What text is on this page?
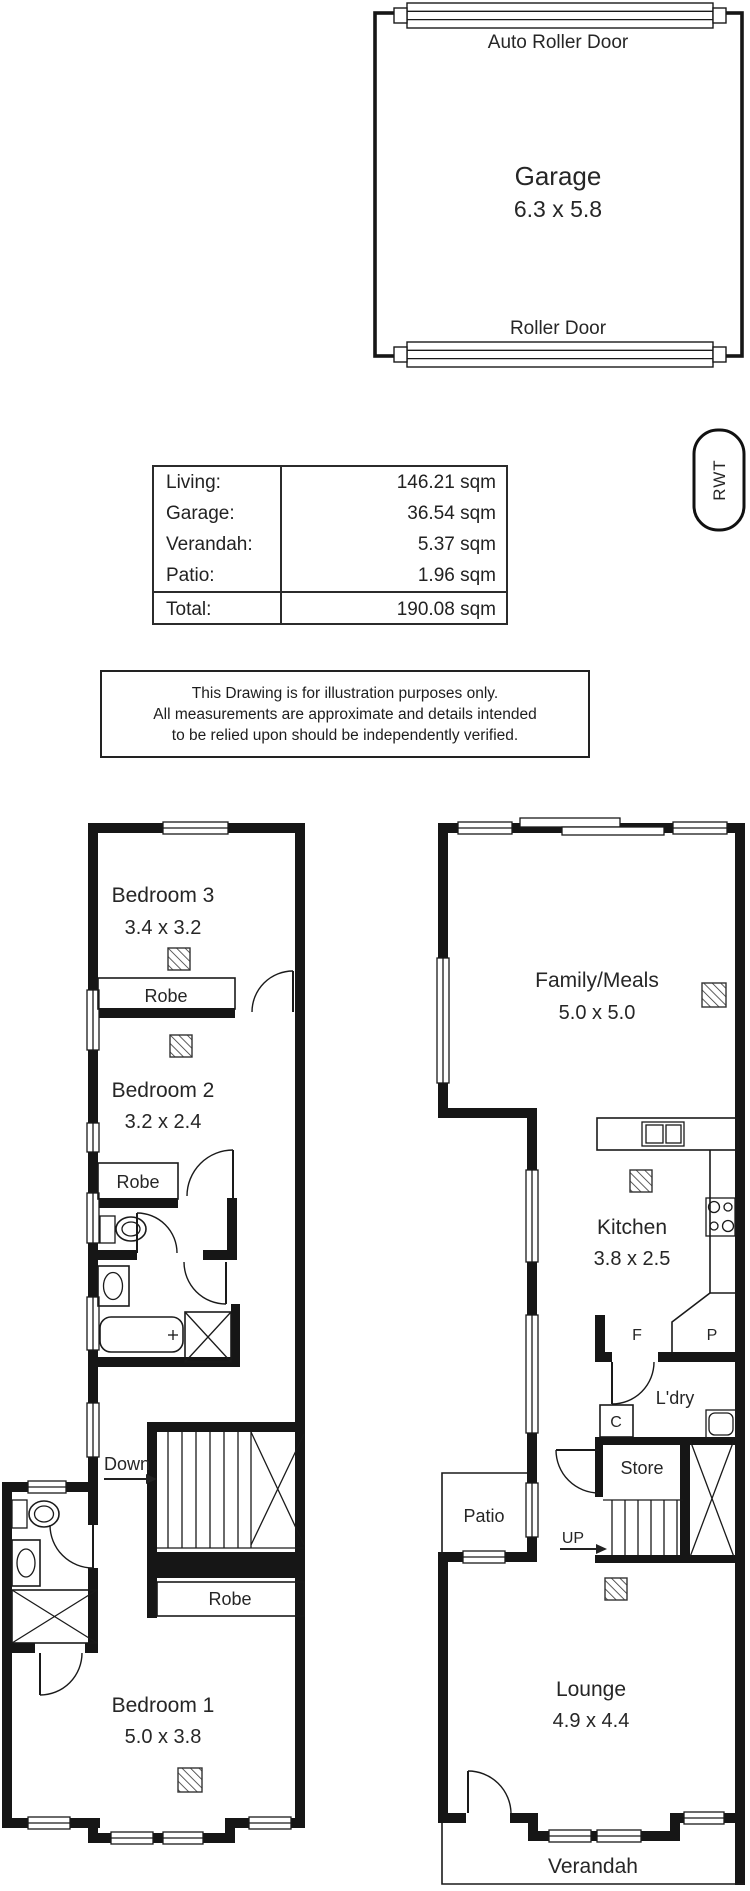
Auto Roller Door
Garage
6.3 x 5.8
Roller Door
RWT
Bedroom 3
3.4 x 3.2
Robe
Bedroom 2
3.2 x 2.4
Robe
Down
Robe
Bedroom 1
5.0 x 3.8
Family/Meals
5.0 x 5.0
Kitchen
3.8 x 2.5
F	P
L'dry
C
Store
Patio
UP
Lounge
4.9 x 4.4
Verandah
Living:	146.21 sqm
Garage:	36.54 sqm
Verandah:	5.37 sqm
Patio:	1.96 sqm
Total:	190.08 sqm
This Drawing is for illustration purposes only.
All measurements are approximate and details intended
to be relied upon should be independently verified.
